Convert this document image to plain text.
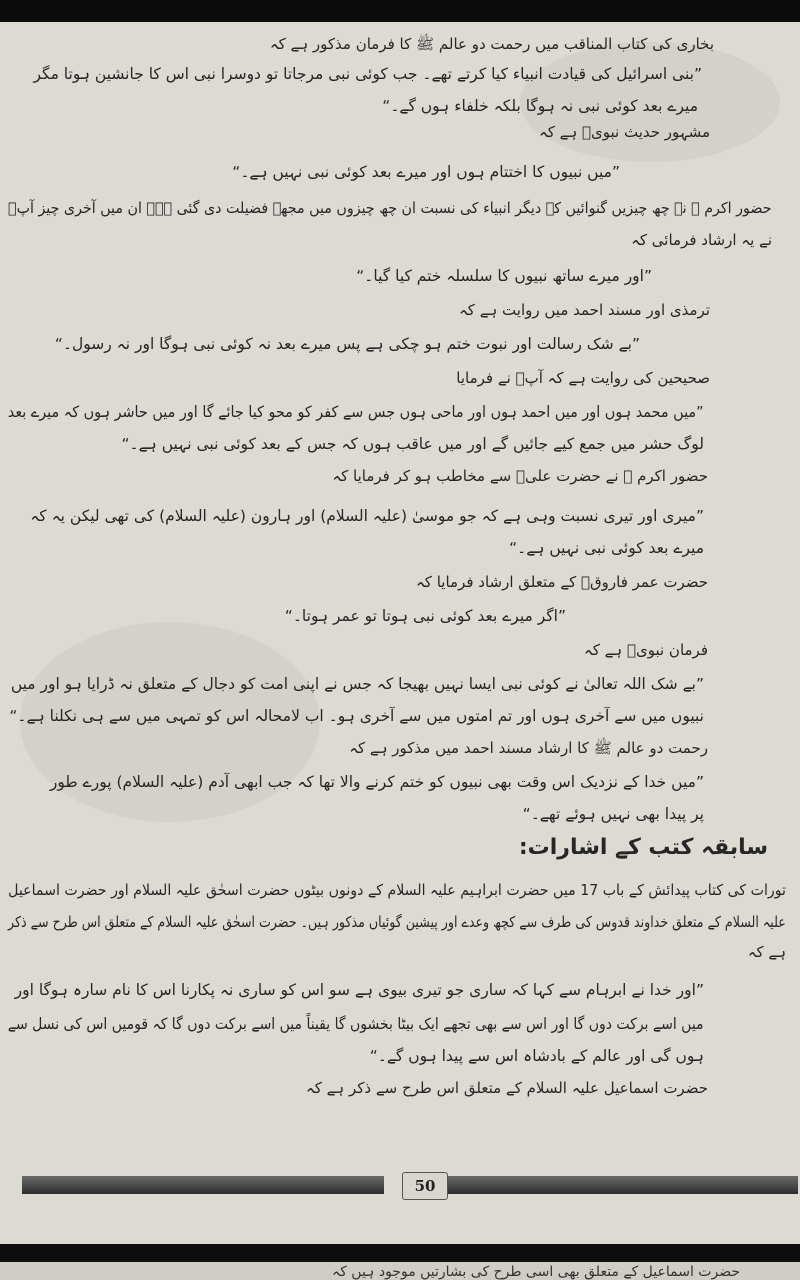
بخاری کی کتاب المناقب میں رحمت دو عالم ﷺ کا فرمان مذکور ہے کہ
”بنی اسرائیل کی قیادت انبیاء کیا کرتے تھے۔ جب کوئی نبی مرجاتا تو دوسرا نبی اس کا جانشین ہوتا مگر
میرے بعد کوئی نبی نہ ہوگا بلکہ خلفاء ہوں گے۔“
مشہور حدیث نبویؐ ہے کہ
”میں نبیوں کا اختتام ہوں اور میرے بعد کوئی نبی نہیں ہے۔“
حضور اکرم ﷺ نے چھ چیزیں گنوائیں کہ دیگر انبیاء کی نسبت ان چھ چیزوں میں مجھے فضیلت دی گئی ہے۔ ان میں آخری چیز آپؐ
نے یہ ارشاد فرمائی کہ
”اور میرے ساتھ نبیوں کا سلسلہ ختم کیا گیا۔“
ترمذی اور مسند احمد میں روایت ہے کہ
”بے شک رسالت اور نبوت ختم ہو چکی ہے پس میرے بعد نہ کوئی نبی ہوگا اور نہ رسول۔“
صحیحین کی روایت ہے کہ آپؐ نے فرمایا
”میں محمد ہوں اور میں احمد ہوں اور ماحی ہوں جس سے کفر کو محو کیا جائے گا اور میں حاشر ہوں کہ میرے بعد
لوگ حشر میں جمع کیے جائیں گے اور میں عاقب ہوں کہ جس کے بعد کوئی نبی نہیں ہے۔“
حضور اکرم ﷺ نے حضرت علیؓ سے مخاطب ہو کر فرمایا کہ
”میری اور تیری نسبت وہی ہے کہ جو موسیٰ (علیہ السلام) اور ہارون (علیہ السلام) کی تھی لیکن یہ کہ
میرے بعد کوئی نبی نہیں ہے۔“
حضرت عمر فاروقؓ کے متعلق ارشاد فرمایا کہ
”اگر میرے بعد کوئی نبی ہوتا تو عمر ہوتا۔“
فرمان نبویؐ ہے کہ
”بے شک اللہ تعالیٰ نے کوئی نبی ایسا نہیں بھیجا کہ جس نے اپنی امت کو دجال کے متعلق نہ ڈرایا ہو اور میں
نبیوں میں سے آخری ہوں اور تم امتوں میں سے آخری ہو۔ اب لامحالہ اس کو تمہی میں سے ہی نکلنا ہے۔“
رحمت دو عالم ﷺ کا ارشاد مسند احمد میں مذکور ہے کہ
”میں خدا کے نزدیک اس وقت بھی نبیوں کو ختم کرنے والا تھا کہ جب ابھی آدم (علیہ السلام) پورے طور
پر پیدا بھی نہیں ہوئے تھے۔“
سابقہ کتب کے اشارات:
تورات کی کتاب پیدائش کے باب 17 میں حضرت ابراہیم علیہ السلام کے دونوں بیٹوں حضرت اسحٰق علیہ السلام اور حضرت اسماعیل
علیہ السلام کے متعلق خداوند قدوس کی طرف سے کچھ وعدے اور پیشین گوئیاں مذکور ہیں۔ حضرت اسحٰق علیہ السلام کے متعلق اس طرح سے ذکر
ہے کہ
”اور خدا نے ابرہام سے کہا کہ ساری جو تیری بیوی ہے سو اس کو ساری نہ پکارنا اس کا نام سارہ ہوگا اور
میں اسے برکت دوں گا اور اس سے بھی تجھے ایک بیٹا بخشوں گا یقیناً میں اسے برکت دوں گا کہ قومیں اس کی نسل سے
ہوں گی اور عالم کے بادشاہ اس سے پیدا ہوں گے۔“
حضرت اسماعیل علیہ السلام کے متعلق اس طرح سے ذکر ہے کہ
50
حضرت اسماعیل کے متعلق بھی اسی طرح کی بشارتیں موجود ہیں کہ
